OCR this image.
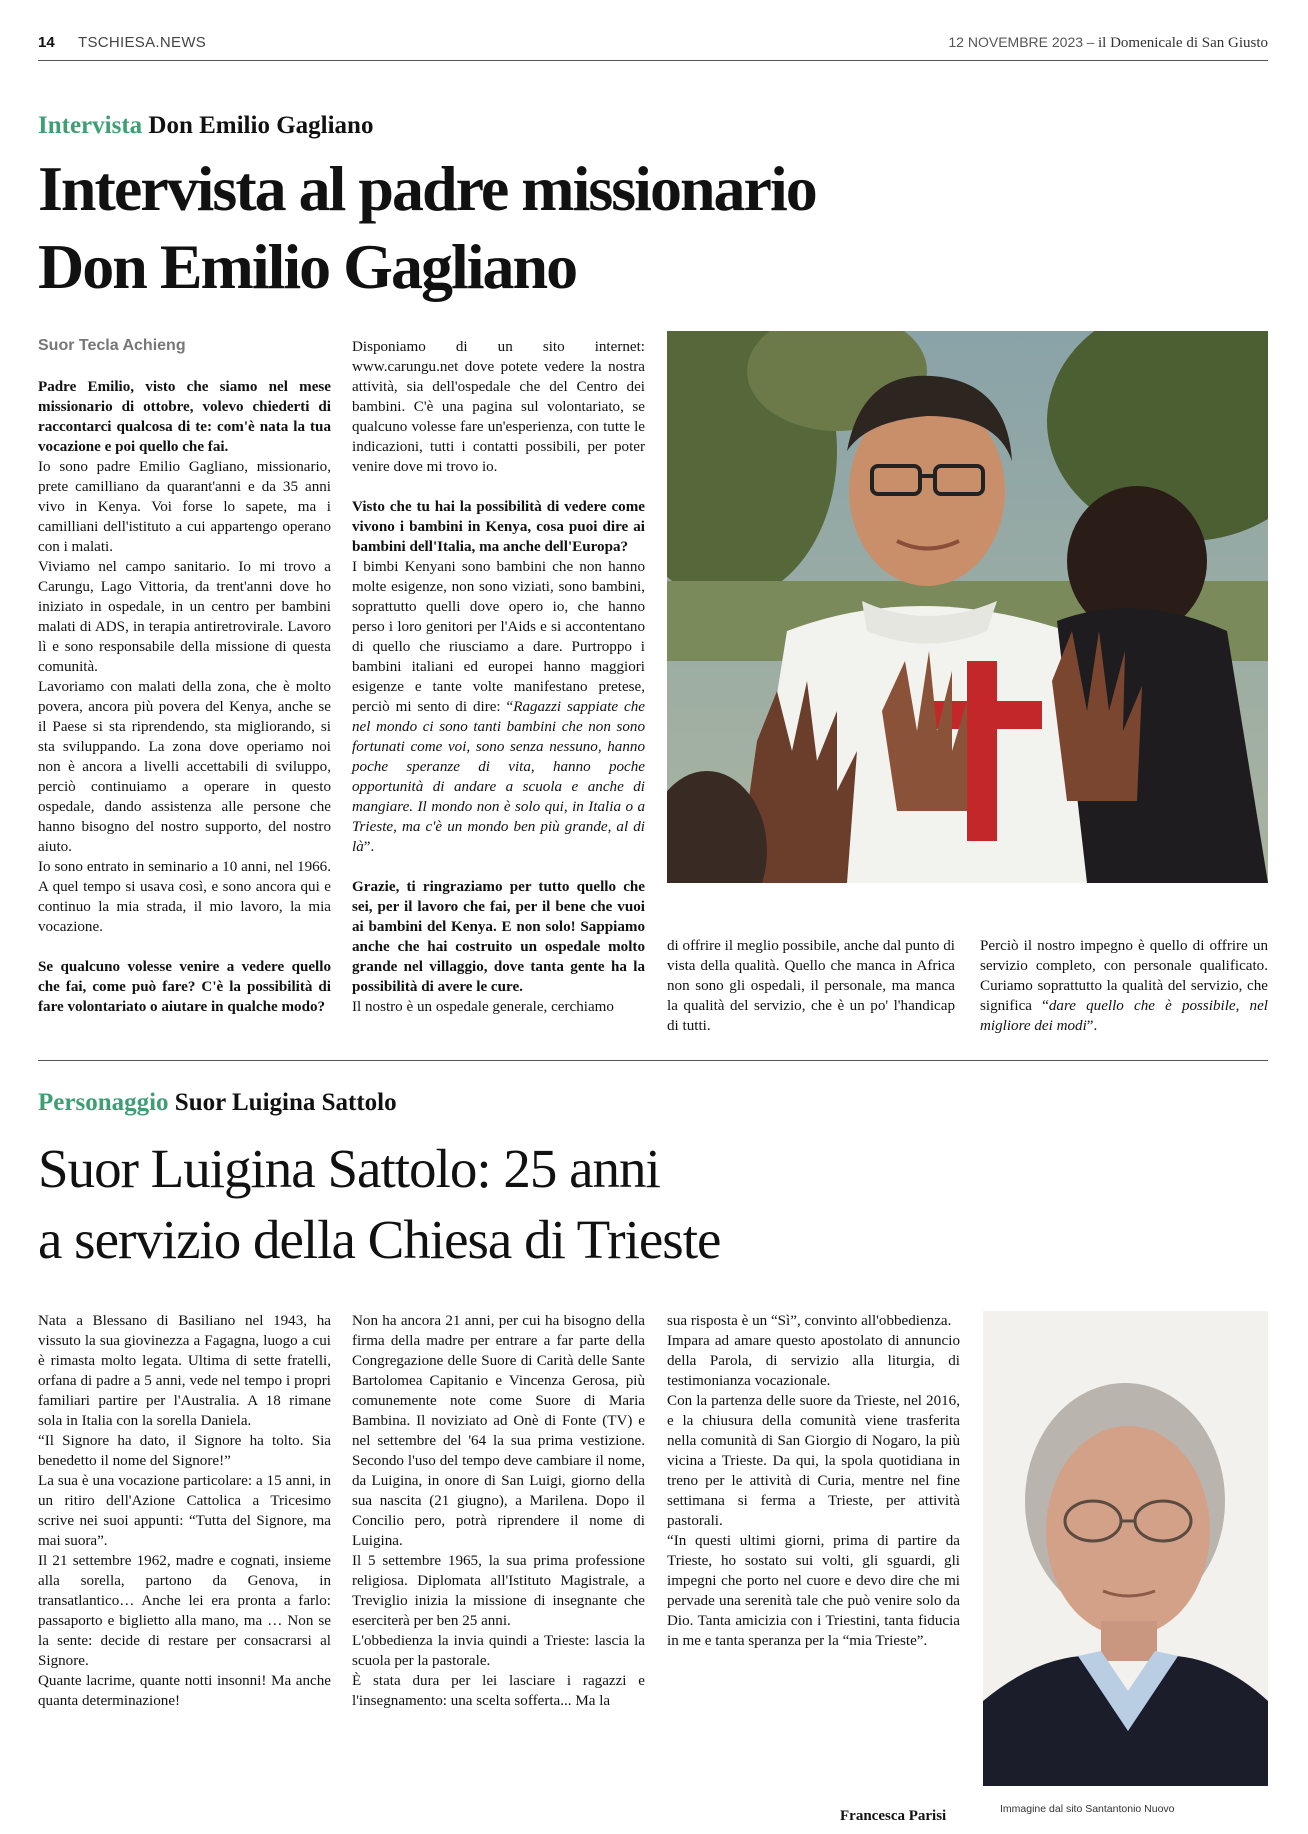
14 TSCHIESA.NEWS	12 NOVEMBRE 2023 – il Domenicale di San Giusto
Intervista Don Emilio Gagliano
Intervista al padre missionario
Don Emilio Gagliano
Suor Tecla Achieng

Padre Emilio, visto che siamo nel mese missionario di ottobre, volevo chiederti di raccontarci qualcosa di te: com'è nata la tua vocazione e poi quello che fai.

Io sono padre Emilio Gagliano, missionario, prete camilliano da quarant'anni e da 35 anni vivo in Kenya. Voi forse lo sapete, ma i camilliani dell'istituto a cui appartengo operano con i malati.

Viviamo nel campo sanitario. Io mi trovo a Carungu, Lago Vittoria, da trent'anni dove ho iniziato in ospedale, in un centro per bambini malati di ADS, in terapia antiretrovirale. Lavoro lì e sono responsabile della missione di questa comunità.

Lavoriamo con malati della zona, che è molto povera, ancora più povera del Kenya, anche se il Paese si sta riprendendo, sta migliorando, si sta sviluppando. La zona dove operiamo noi non è ancora a livelli accettabili di sviluppo, perciò continuiamo a operare in questo ospedale, dando assistenza alle persone che hanno bisogno del nostro supporto, del nostro aiuto.

Io sono entrato in seminario a 10 anni, nel 1966. A quel tempo si usava così, e sono ancora qui e continuo la mia strada, il mio lavoro, la mia vocazione.

Se qualcuno volesse venire a vedere quello che fai, come può fare? C'è la possibilità di fare volontariato o aiutare in qualche modo?

Disponiamo di un sito internet: www.carungu.net dove potete vedere la nostra attività, sia dell'ospedale che del Centro dei bambini. C'è una pagina sul volontariato, se qualcuno volesse fare un'esperienza, con tutte le indicazioni, tutti i contatti possibili, per poter venire dove mi trovo io.

Visto che tu hai la possibilità di vedere come vivono i bambini in Kenya, cosa puoi dire ai bambini dell'Italia, ma anche dell'Europa?

I bimbi Kenyani sono bambini che non hanno molte esigenze, non sono viziati, sono bambini, soprattutto quelli dove opero io, che hanno perso i loro genitori per l'Aids e si accontentano di quello che riusciamo a dare. Purtroppo i bambini italiani ed europei hanno maggiori esigenze e tante volte manifestano pretese, perciò mi sento di dire: “Ragazzi sappiate che nel mondo ci sono tanti bambini che non sono fortunati come voi, sono senza nessuno, hanno poche speranze di vita, hanno poche opportunità di andare a scuola e anche di mangiare. Il mondo non è solo qui, in Italia o a Trieste, ma c'è un mondo ben più grande, al di là”.

Grazie, ti ringraziamo per tutto quello che sei, per il lavoro che fai, per il bene che vuoi ai bambini del Kenya. E non solo! Sappiamo anche che hai costruito un ospedale molto grande nel villaggio, dove tanta gente ha la possibilità di avere le cure.

Il nostro è un ospedale generale, cerchiamo

di offrire il meglio possibile, anche dal punto di vista della qualità. Quello che manca in Africa non sono gli ospedali, il personale, ma manca la qualità del servizio, che è un po' l'handicap di tutti.

Perciò il nostro impegno è quello di offrire un servizio completo, con personale qualificato. Curiamo soprattutto la qualità del servizio, che significa “dare quello che è possibile, nel migliore dei modi”.

Personaggio Suor Luigina Sattolo
Suor Luigina Sattolo: 25 anni
a servizio della Chiesa di Trieste

Nata a Blessano di Basiliano nel 1943, ha vissuto la sua giovinezza a Fagagna, luogo a cui è rimasta molto legata. Ultima di sette fratelli, orfana di padre a 5 anni, vede nel tempo i propri familiari partire per l'Australia. A 18 rimane sola in Italia con la sorella Daniela.

“Il Signore ha dato, il Signore ha tolto. Sia benedetto il nome del Signore!”

La sua è una vocazione particolare: a 15 anni, in un ritiro dell'Azione Cattolica a Tricesimo scrive nei suoi appunti: “Tutta del Signore, ma mai suora”.

Il 21 settembre 1962, madre e cognati, insieme alla sorella, partono da Genova, in transatlantico… Anche lei era pronta a farlo: passaporto e biglietto alla mano, ma … Non se la sente: decide di restare per consacrarsi al Signore.

Quante lacrime, quante notti insonni! Ma anche quanta determinazione!

Non ha ancora 21 anni, per cui ha bisogno della firma della madre per entrare a far parte della Congregazione delle Suore di Carità delle Sante Bartolomea Capitanio e Vincenza Gerosa, più comunemente note come Suore di Maria Bambina. Il noviziato ad Onè di Fonte (TV) e nel settembre del '64 la sua prima vestizione. Secondo l'uso del tempo deve cambiare il nome, da Luigina, in onore di San Luigi, giorno della sua nascita (21 giugno), a Marilena. Dopo il Concilio pero, potrà riprendere il nome di Luigina.

Il 5 settembre 1965, la sua prima professione religiosa. Diplomata all'Istituto Magistrale, a Treviglio inizia la missione di insegnante che eserciterà per ben 25 anni.

L'obbedienza la invia quindi a Trieste: lascia la scuola per la pastorale.

È stata dura per lei lasciare i ragazzi e l'insegnamento: una scelta sofferta... Ma la

sua risposta è un “Sì”, convinto all'obbedienza.

Impara ad amare questo apostolato di annuncio della Parola, di servizio alla liturgia, di testimonianza vocazionale.

Con la partenza delle suore da Trieste, nel 2016, e la chiusura della comunità viene trasferita nella comunità di San Giorgio di Nogaro, la più vicina a Trieste. Da qui, la spola quotidiana in treno per le attività di Curia, mentre nel fine settimana si ferma a Trieste, per attività pastorali.

“In questi ultimi giorni, prima di partire da Trieste, ho sostato sui volti, gli sguardi, gli impegni che porto nel cuore e devo dire che mi pervade una serenità tale che può venire solo da Dio. Tanta amicizia con i Triestini, tanta fiducia in me e tanta speranza per la “mia Trieste”.

Francesca Parisi	Immagine dal sito Santantonio Nuovo
